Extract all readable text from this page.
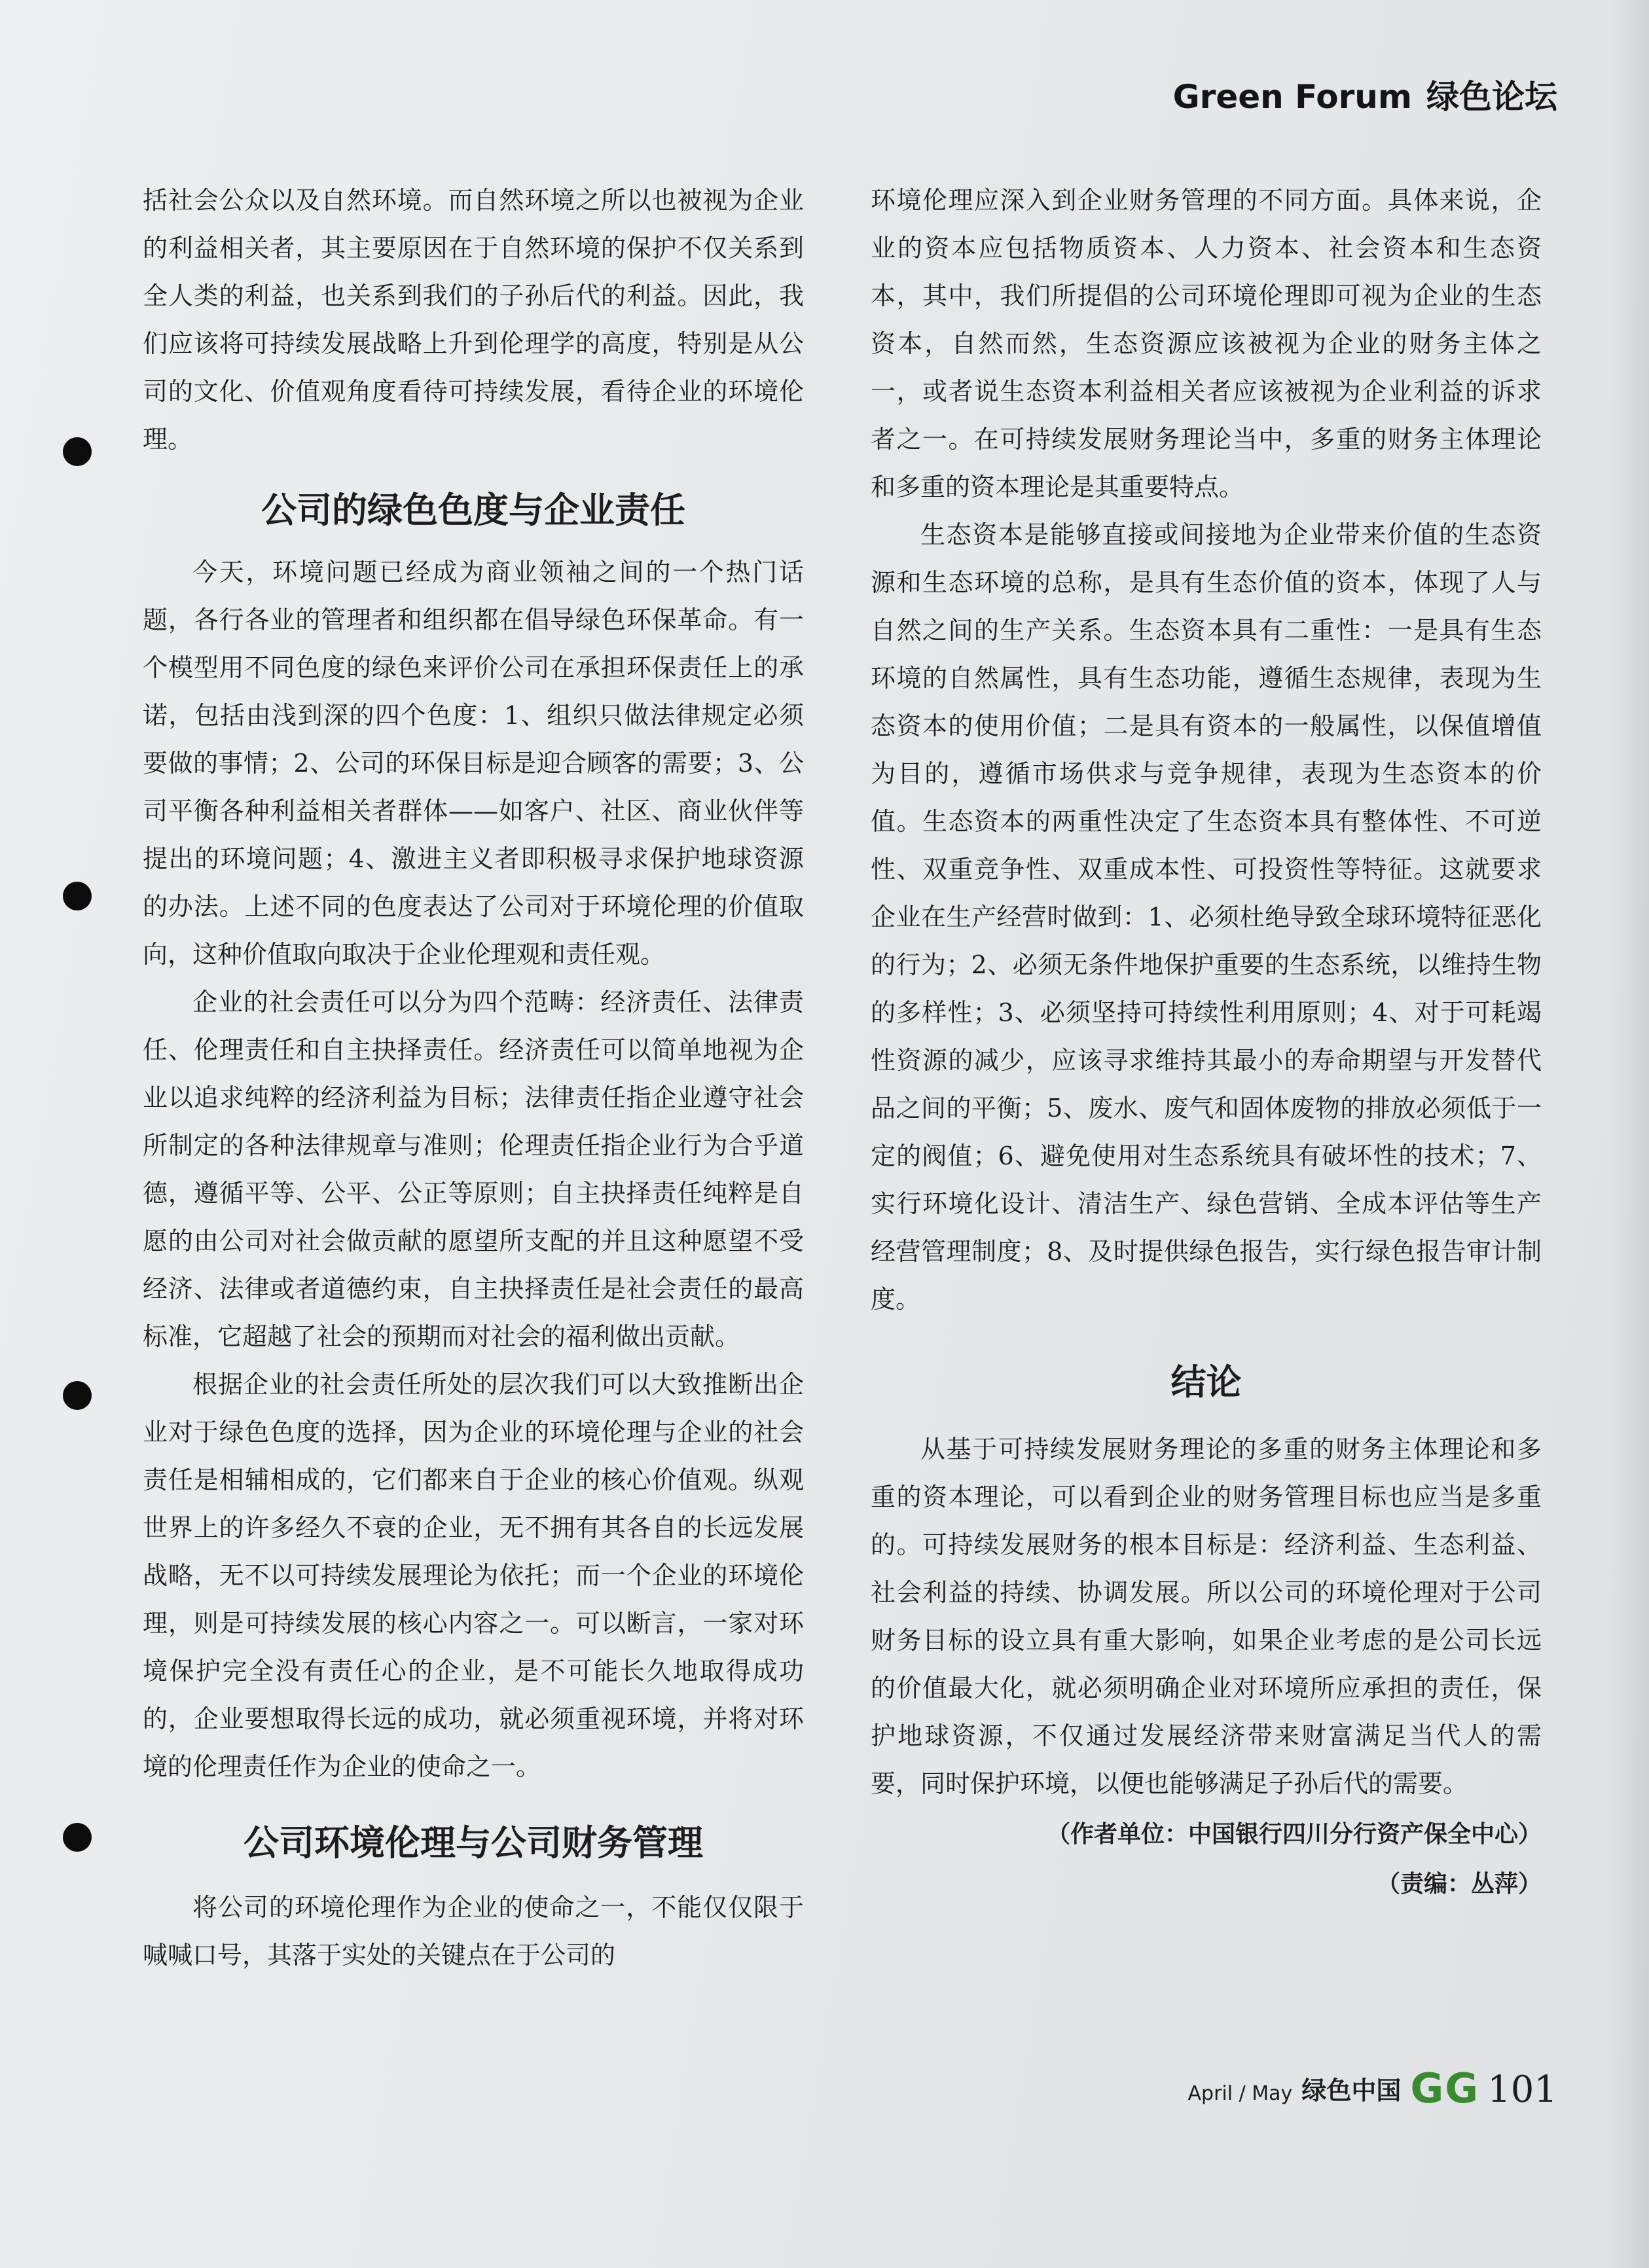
Green Forum 绿色论坛

括社会公众以及自然环境。而自然环境之所以也被视为企业的利益相关者，其主要原因在于自然环境的保护不仅关系到全人类的利益，也关系到我们的子孙后代的利益。因此，我们应该将可持续发展战略上升到伦理学的高度，特别是从公司的文化、价值观角度看待可持续发展，看待企业的环境伦理。

公司的绿色色度与企业责任

今天，环境问题已经成为商业领袖之间的一个热门话题，各行各业的管理者和组织都在倡导绿色环保革命。有一个模型用不同色度的绿色来评价公司在承担环保责任上的承诺，包括由浅到深的四个色度：1、组织只做法律规定必须要做的事情；2、公司的环保目标是迎合顾客的需要；3、公司平衡各种利益相关者群体——如客户、社区、商业伙伴等提出的环境问题；4、激进主义者即积极寻求保护地球资源的办法。上述不同的色度表达了公司对于环境伦理的价值取向，这种价值取向取决于企业伦理观和责任观。

企业的社会责任可以分为四个范畴：经济责任、法律责任、伦理责任和自主抉择责任。经济责任可以简单地视为企业以追求纯粹的经济利益为目标；法律责任指企业遵守社会所制定的各种法律规章与准则；伦理责任指企业行为合乎道德，遵循平等、公平、公正等原则；自主抉择责任纯粹是自愿的由公司对社会做贡献的愿望所支配的并且这种愿望不受经济、法律或者道德约束，自主抉择责任是社会责任的最高标准，它超越了社会的预期而对社会的福利做出贡献。

根据企业的社会责任所处的层次我们可以大致推断出企业对于绿色色度的选择，因为企业的环境伦理与企业的社会责任是相辅相成的，它们都来自于企业的核心价值观。纵观世界上的许多经久不衰的企业，无不拥有其各自的长远发展战略，无不以可持续发展理论为依托；而一个企业的环境伦理，则是可持续发展的核心内容之一。可以断言，一家对环境保护完全没有责任心的企业，是不可能长久地取得成功的，企业要想取得长远的成功，就必须重视环境，并将对环境的伦理责任作为企业的使命之一。

公司环境伦理与公司财务管理

将公司的环境伦理作为企业的使命之一，不能仅仅限于喊喊口号，其落于实处的关键点在于公司的

环境伦理应深入到企业财务管理的不同方面。具体来说，企业的资本应包括物质资本、人力资本、社会资本和生态资本，其中，我们所提倡的公司环境伦理即可视为企业的生态资本，自然而然，生态资源应该被视为企业的财务主体之一，或者说生态资本利益相关者应该被视为企业利益的诉求者之一。在可持续发展财务理论当中，多重的财务主体理论和多重的资本理论是其重要特点。

生态资本是能够直接或间接地为企业带来价值的生态资源和生态环境的总称，是具有生态价值的资本，体现了人与自然之间的生产关系。生态资本具有二重性：一是具有生态环境的自然属性，具有生态功能，遵循生态规律，表现为生态资本的使用价值；二是具有资本的一般属性，以保值增值为目的，遵循市场供求与竞争规律，表现为生态资本的价值。生态资本的两重性决定了生态资本具有整体性、不可逆性、双重竞争性、双重成本性、可投资性等特征。这就要求企业在生产经营时做到：1、必须杜绝导致全球环境特征恶化的行为；2、必须无条件地保护重要的生态系统，以维持生物的多样性；3、必须坚持可持续性利用原则；4、对于可耗竭性资源的减少，应该寻求维持其最小的寿命期望与开发替代品之间的平衡；5、废水、废气和固体废物的排放必须低于一定的阀值；6、避免使用对生态系统具有破坏性的技术；7、实行环境化设计、清洁生产、绿色营销、全成本评估等生产经营管理制度；8、及时提供绿色报告，实行绿色报告审计制度。

结论

从基于可持续发展财务理论的多重的财务主体理论和多重的资本理论，可以看到企业的财务管理目标也应当是多重的。可持续发展财务的根本目标是：经济利益、生态利益、社会利益的持续、协调发展。所以公司的环境伦理对于公司财务目标的设立具有重大影响，如果企业考虑的是公司长远的价值最大化，就必须明确企业对环境所应承担的责任，保护地球资源，不仅通过发展经济带来财富满足当代人的需要，同时保护环境，以便也能够满足子孙后代的需要。

（作者单位：中国银行四川分行资产保全中心）
（责编：丛萍）
April / May 绿色中国 G G 101
